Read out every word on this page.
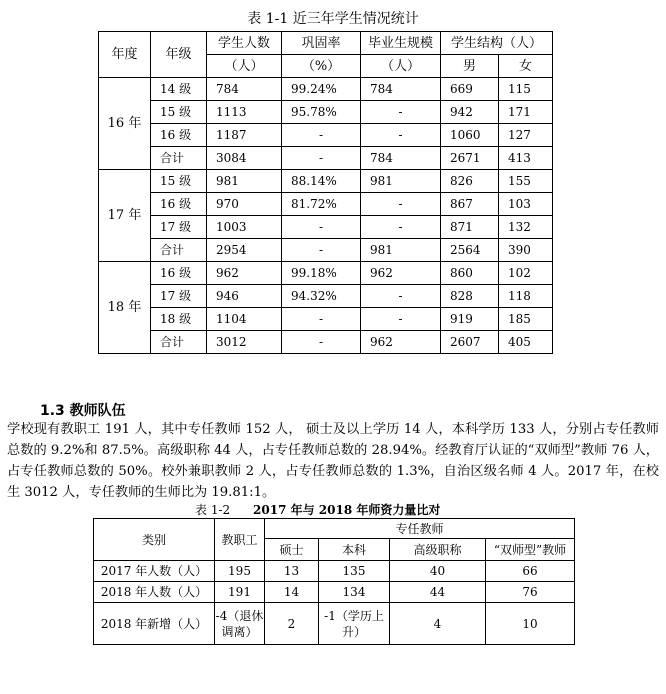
表 1-1 近三年学生情况统计
年度	年级	学生人数	巩固率	毕业生规模	学生结构（人）	
		（人）	（%）	（人）	男	女
16 年	14 级	784	99.24%	784	669	115
	15 级	1113	95.78%	-	942	171
	16 级	1187	-	-	1060	127
	合计	3084	-	784	2671	413
17 年	15 级	981	88.14%	981	826	155
	16 级	970	81.72%	-	867	103
	17 级	1003	-	-	871	132
	合计	2954	-	981	2564	390
18 年	16 级	962	99.18%	962	860	102
	17 级	946	94.32%	-	828	118
	18 级	1104	-	-	919	185
	合计	3012	-	962	2607	405
1.3 教师队伍

学校现有教职工 191 人，其中专任教师 152 人， 硕士及以上学历 14 人，本科学历 133 人，分别占专任教师总数的 9.2%和 87.5%。高级职称 44 人，占专任教师总数的 28.94%。经教育厅认证的“双师型”教师 76 人，占专任教师总数的 50%。校外兼职教师 2 人，占专任教师总数的 1.3%，自治区级名师 4 人。2017 年，在校生 3012 人，专任教师的生师比为 19.81:1。

表 1-2 2017 年与 2018 年师资力量比对
类别	教职工	专任教师			
		硕士	本科	高级职称	“双师型”教师
2017 年人数（人）	195	13	135	40	66
2018 年人数（人）	191	14	134	44	76
2018 年新增（人）	-4（退休调离）	2	-1（学历上升）	4	10
